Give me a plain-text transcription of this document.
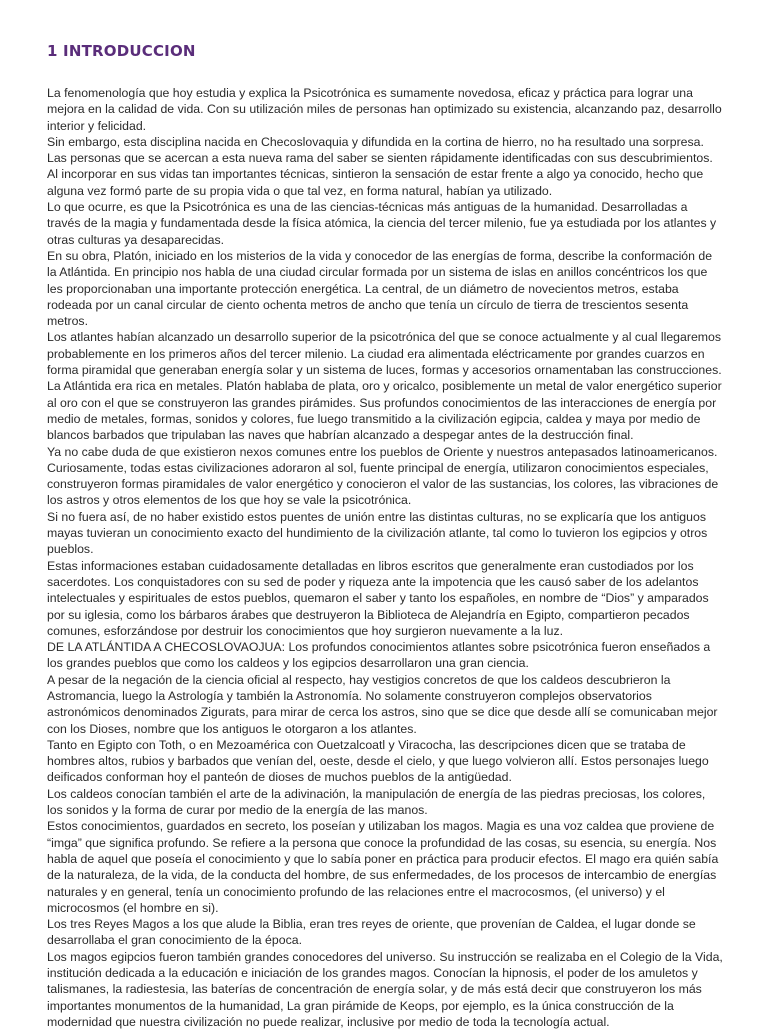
1 INTRODUCCION

La fenomenología que hoy estudia y explica la Psicotrónica es sumamente novedosa, eficaz y práctica para lograr una mejora en la calidad de vida. Con su utilización miles de personas han optimizado su existencia, alcanzando paz, desarrollo interior y felicidad.

Sin embargo, esta disciplina nacida en Checoslovaquia y difundida en la cortina de hierro, no ha resultado una sorpresa. Las personas que se acercan a esta nueva rama del saber se sienten rápidamente identificadas con sus descubrimientos. Al incorporar en sus vidas tan importantes técnicas, sintieron la sensación de estar frente a algo ya conocido, hecho que alguna vez formó parte de su propia vida o que tal vez, en forma natural, habían ya utilizado.

Lo que ocurre, es que la Psicotrónica es una de las ciencias-técnicas más antiguas de la humanidad. Desarrolladas a través de la magia y fundamentada desde la física atómica, la ciencia del tercer milenio, fue ya estudiada por los atlantes y otras culturas ya desaparecidas.

En su obra, Platón, iniciado en los misterios de la vida y conocedor de las energías de forma, describe la conformación de la Atlántida. En principio nos habla de una ciudad circular formada por un sistema de islas en anillos concéntricos los que les proporcionaban una importante protección energética. La central, de un diámetro de novecientos metros, estaba rodeada por un canal circular de ciento ochenta metros de ancho que tenía un círculo de tierra de trescientos sesenta metros.

Los atlantes habían alcanzado un desarrollo superior de la psicotrónica del que se conoce actualmente y al cual llegaremos probablemente en los primeros años del tercer milenio. La ciudad era alimentada eléctricamente por grandes cuarzos en forma piramidal que generaban energía solar y un sistema de luces, formas y accesorios ornamentaban las construcciones.

La Atlántida era rica en metales. Platón hablaba de plata, oro y oricalco, posiblemente un metal de valor energético superior al oro con el que se construyeron las grandes pirámides. Sus profundos conocimientos de las interacciones de energía por medio de metales, formas, sonidos y colores, fue luego transmitido a la civilización egipcia, caldea y maya por medio de blancos barbados que tripulaban las naves que habrían alcanzado a despegar antes de la destrucción final.

Ya no cabe duda de que existieron nexos comunes entre los pueblos de Oriente y nuestros antepasados latinoamericanos. Curiosamente, todas estas civilizaciones adoraron al sol, fuente principal de energía, utilizaron conocimientos especiales, construyeron formas piramidales de valor energético y conocieron el valor de las sustancias, los colores, las vibraciones de los astros y otros elementos de los que hoy se vale la psicotrónica.

Si no fuera así, de no haber existido estos puentes de unión entre las distintas culturas, no se explicaría que los antiguos mayas tuvieran un conocimiento exacto del hundimiento de la civilización atlante, tal como lo tuvieron los egipcios y otros pueblos.

Estas informaciones estaban cuidadosamente detalladas en libros escritos que generalmente eran custodiados por los sacerdotes. Los conquistadores con su sed de poder y riqueza ante la impotencia que les causó saber de los adelantos intelectuales y espirituales de estos pueblos, quemaron el saber y tanto los españoles, en nombre de “Dios” y amparados por su iglesia, como los bárbaros árabes que destruyeron la Biblioteca de Alejandría en Egipto, compartieron pecados comunes, esforzándose por destruir los conocimientos que hoy surgieron nuevamente a la luz.

DE LA ATLÁNTIDA A CHECOSLOVAOJUA: Los profundos conocimientos atlantes sobre psicotrónica fueron enseñados a los grandes pueblos que como los caldeos y los egipcios desarrollaron una gran ciencia.

A pesar de la negación de la ciencia oficial al respecto, hay vestigios concretos de que los caldeos descubrieron la Astromancia, luego la Astrología y también la Astronomía. No solamente construyeron complejos observatorios astronómicos denominados Zigurats, para mirar de cerca los astros, sino que se dice que desde allí se comunicaban mejor con los Dioses, nombre que los antiguos le otorgaron a los atlantes.

Tanto en Egipto con Toth, o en Mezoamérica con Ouetzalcoatl y Viracocha, las descripciones dicen que se trataba de hombres altos, rubios y barbados que venían del, oeste, desde el cielo, y que luego volvieron allí. Estos personajes luego deificados conforman hoy el panteón de dioses de muchos pueblos de la antigüedad.

Los caldeos conocían también el arte de la adivinación, la manipulación de energía de las piedras preciosas, los colores, los sonidos y la forma de curar por medio de la energía de las manos.

Estos conocimientos, guardados en secreto, los poseían y utilizaban los magos. Magia es una voz caldea que proviene de “imga” que significa profundo. Se refiere a la persona que conoce la profundidad de las cosas, su esencia, su energía. Nos habla de aquel que poseía el conocimiento y que lo sabía poner en práctica para producir efectos. El mago era quién sabía de la naturaleza, de la vida, de la conducta del hombre, de sus enfermedades, de los procesos de intercambio de energías naturales y en general, tenía un conocimiento profundo de las relaciones entre el macrocosmos, (el universo) y el microcosmos (el hombre en si).

Los tres Reyes Magos a los que alude la Biblia, eran tres reyes de oriente, que provenían de Caldea, el lugar donde se desarrollaba el gran conocimiento de la época.

Los magos egipcios fueron también grandes conocedores del universo. Su instrucción se realizaba en el Colegio de la Vida, institución dedicada a la educación e iniciación de los grandes magos. Conocían la hipnosis, el poder de los amuletos y talismanes, la radiestesia, las baterías de concentración de energía solar, y de más está decir que construyeron los más importantes monumentos de la humanidad, La gran pirámide de Keops, por ejemplo, es la única construcción de la modernidad que nuestra civilización no puede realizar, inclusive por medio de toda la tecnología actual.
